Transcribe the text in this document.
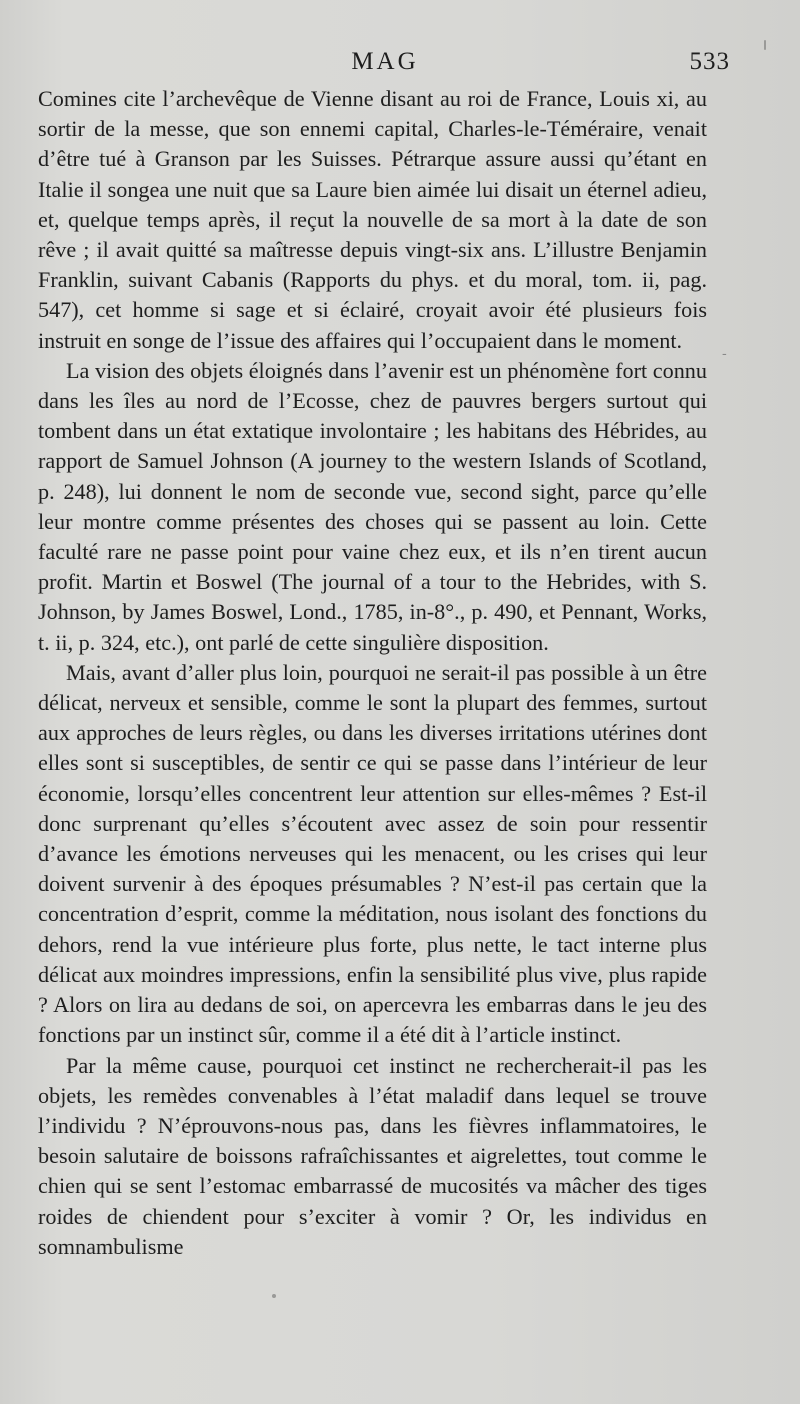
MAG	533

Comines cite l’archevêque de Vienne disant au roi de France, Louis xi, au sortir de la messe, que son ennemi capital, Charles-le-Téméraire, venait d’être tué à Granson par les Suisses. Pétrarque assure aussi qu’étant en Italie il songea une nuit que sa Laure bien aimée lui disait un éternel adieu, et, quelque temps après, il reçut la nouvelle de sa mort à la date de son rêve ; il avait quitté sa maîtresse depuis vingt-six ans. L’illustre Benjamin Franklin, suivant Cabanis (Rapports du phys. et du moral, tom. ii, pag. 547), cet homme si sage et si éclairé, croyait avoir été plusieurs fois instruit en songe de l’issue des affaires qui l’occupaient dans le moment.

La vision des objets éloignés dans l’avenir est un phénomène fort connu dans les îles au nord de l’Ecosse, chez de pauvres bergers surtout qui tombent dans un état extatique involontaire ; les habitans des Hébrides, au rapport de Samuel Johnson (A journey to the western Islands of Scotland, p. 248), lui donnent le nom de seconde vue, second sight, parce qu’elle leur montre comme présentes des choses qui se passent au loin. Cette faculté rare ne passe point pour vaine chez eux, et ils n’en tirent aucun profit. Martin et Boswel (The journal of a tour to the Hebrides, with S. Johnson, by James Boswel, Lond., 1785, in-8°., p. 490, et Pennant, Works, t. ii, p. 324, etc.), ont parlé de cette singulière disposition.

Mais, avant d’aller plus loin, pourquoi ne serait-il pas possible à un être délicat, nerveux et sensible, comme le sont la plupart des femmes, surtout aux approches de leurs règles, ou dans les diverses irritations utérines dont elles sont si susceptibles, de sentir ce qui se passe dans l’intérieur de leur économie, lorsqu’elles concentrent leur attention sur elles-mêmes ? Est-il donc surprenant qu’elles s’écoutent avec assez de soin pour ressentir d’avance les émotions nerveuses qui les menacent, ou les crises qui leur doivent survenir à des époques présumables ? N’est-il pas certain que la concentration d’esprit, comme la méditation, nous isolant des fonctions du dehors, rend la vue intérieure plus forte, plus nette, le tact interne plus délicat aux moindres impressions, enfin la sensibilité plus vive, plus rapide ? Alors on lira au dedans de soi, on apercevra les embarras dans le jeu des fonctions par un instinct sûr, comme il a été dit à l’article instinct.

Par la même cause, pourquoi cet instinct ne rechercherait-il pas les objets, les remèdes convenables à l’état maladif dans lequel se trouve l’individu ? N’éprouvons-nous pas, dans les fièvres inflammatoires, le besoin salutaire de boissons rafraîchissantes et aigrelettes, tout comme le chien qui se sent l’estomac embarrassé de mucosités va mâcher des tiges roides de chiendent pour s’exciter à vomir ? Or, les individus en somnambulisme

-
